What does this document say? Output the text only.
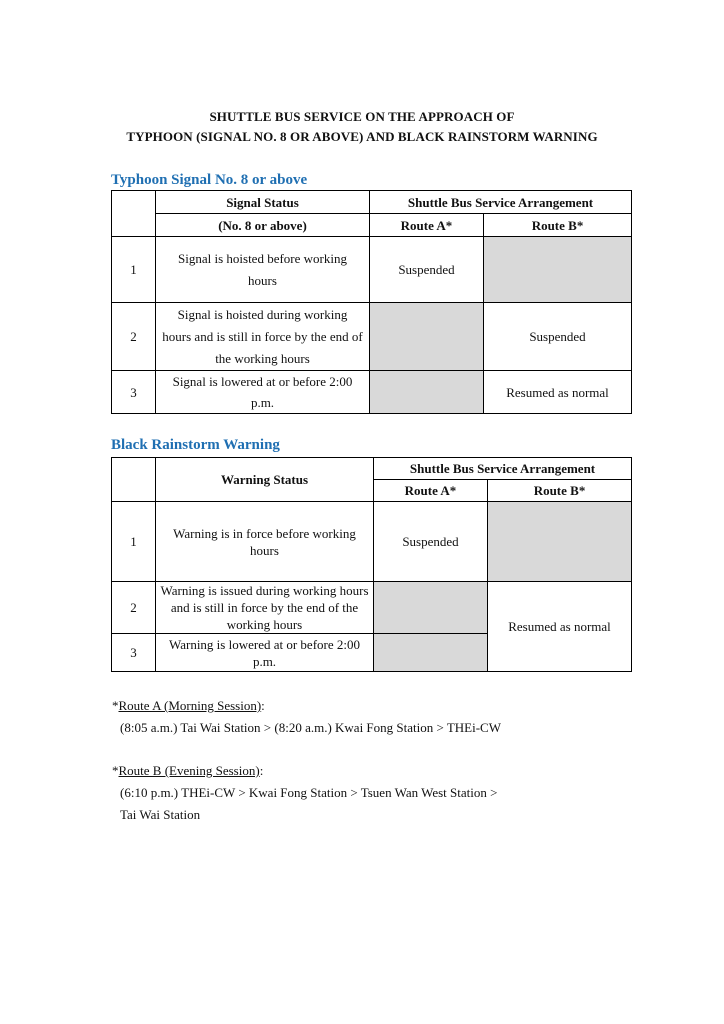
SHUTTLE BUS SERVICE ON THE APPROACH OF
TYPHOON (SIGNAL NO. 8 OR ABOVE) AND BLACK RAINSTORM WARNING
Typhoon Signal No. 8 or above
	Signal Status	Shuttle Bus Service Arrangement	
	(No. 8 or above)	Route A*	Route B*
1	Signal is hoisted before working hours	Suspended	
2	Signal is hoisted during working hours and is still in force by the end of the working hours		Suspended
3	Signal is lowered at or before 2:00 p.m.		Resumed as normal
Black Rainstorm Warning
	Warning Status	Shuttle Bus Service Arrangement	
		Route A*	Route B*
1	Warning is in force before working hours	Suspended	
2	Warning is issued during working hours and is still in force by the end of the working hours		Resumed as normal
3	Warning is lowered at or before 2:00 p.m.		
*Route A (Morning Session):
(8:05 a.m.) Tai Wai Station > (8:20 a.m.) Kwai Fong Station > THEi-CW
*Route B (Evening Session):
(6:10 p.m.) THEi-CW > Kwai Fong Station > Tsuen Wan West Station >
Tai Wai Station
